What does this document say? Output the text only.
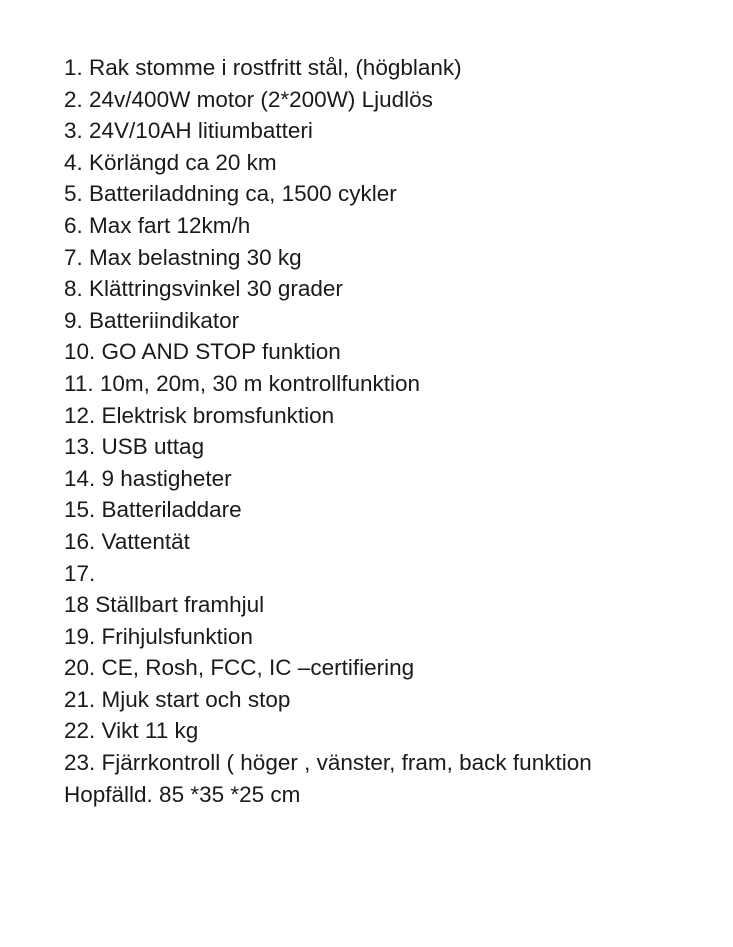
1. Rak stomme i rostfritt stål, (högblank)
2. 24v/400W motor (2*200W) Ljudlös
3. 24V/10AH litiumbatteri
4. Körlängd ca 20 km
5. Batteriladdning ca, 1500 cykler
6. Max fart 12km/h
7. Max belastning 30 kg
8. Klättringsvinkel 30 grader
9. Batteriindikator
10. GO AND STOP funktion
11. 10m, 20m, 30 m kontrollfunktion
12. Elektrisk bromsfunktion
13. USB uttag
14. 9 hastigheter
15. Batteriladdare
16. Vattentät
17.
18 Ställbart framhjul
19. Frihjulsfunktion
20. CE, Rosh, FCC, IC –certifiering
21. Mjuk start och stop
22. Vikt 11 kg
23. Fjärrkontroll ( höger , vänster, fram, back funktion
Hopfälld. 85 *35 *25 cm
